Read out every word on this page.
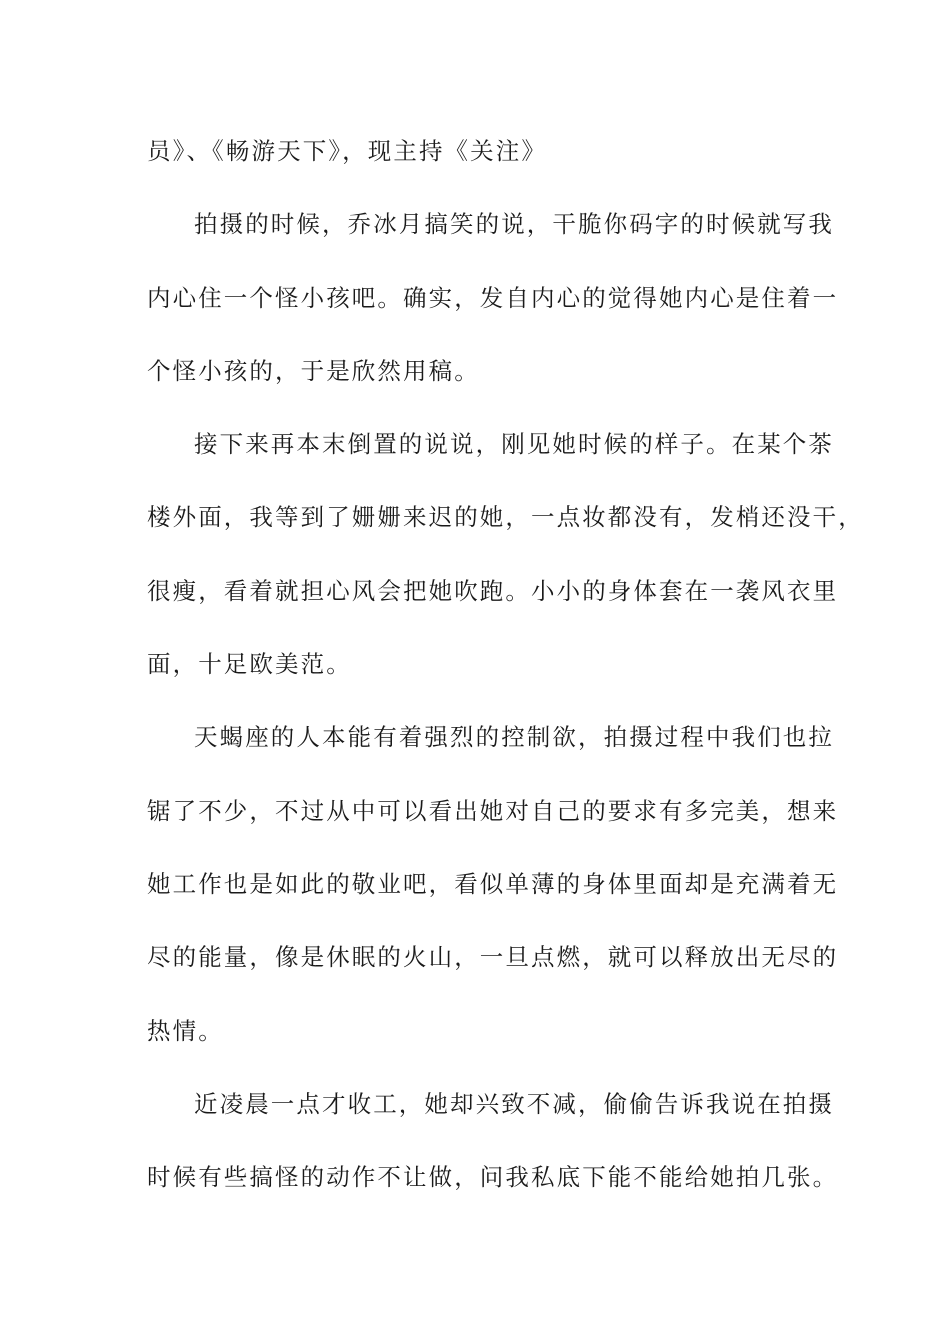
员》、《畅游天下》，现主持《关注》
拍摄的时候，乔冰月搞笑的说，干脆你码字的时候就写我
内心住一个怪小孩吧。确实，发自内心的觉得她内心是住着一
个怪小孩的，于是欣然用稿。
接下来再本末倒置的说说，刚见她时候的样子。在某个茶
楼外面，我等到了姗姗来迟的她，一点妆都没有，发梢还没干，
很瘦，看着就担心风会把她吹跑。小小的身体套在一袭风衣里
面，十足欧美范。
天蝎座的人本能有着强烈的控制欲，拍摄过程中我们也拉
锯了不少，不过从中可以看出她对自己的要求有多完美，想来
她工作也是如此的敬业吧，看似单薄的身体里面却是充满着无
尽的能量，像是休眠的火山，一旦点燃，就可以释放出无尽的
热情。
近凌晨一点才收工，她却兴致不减，偷偷告诉我说在拍摄
时候有些搞怪的动作不让做，问我私底下能不能给她拍几张。
